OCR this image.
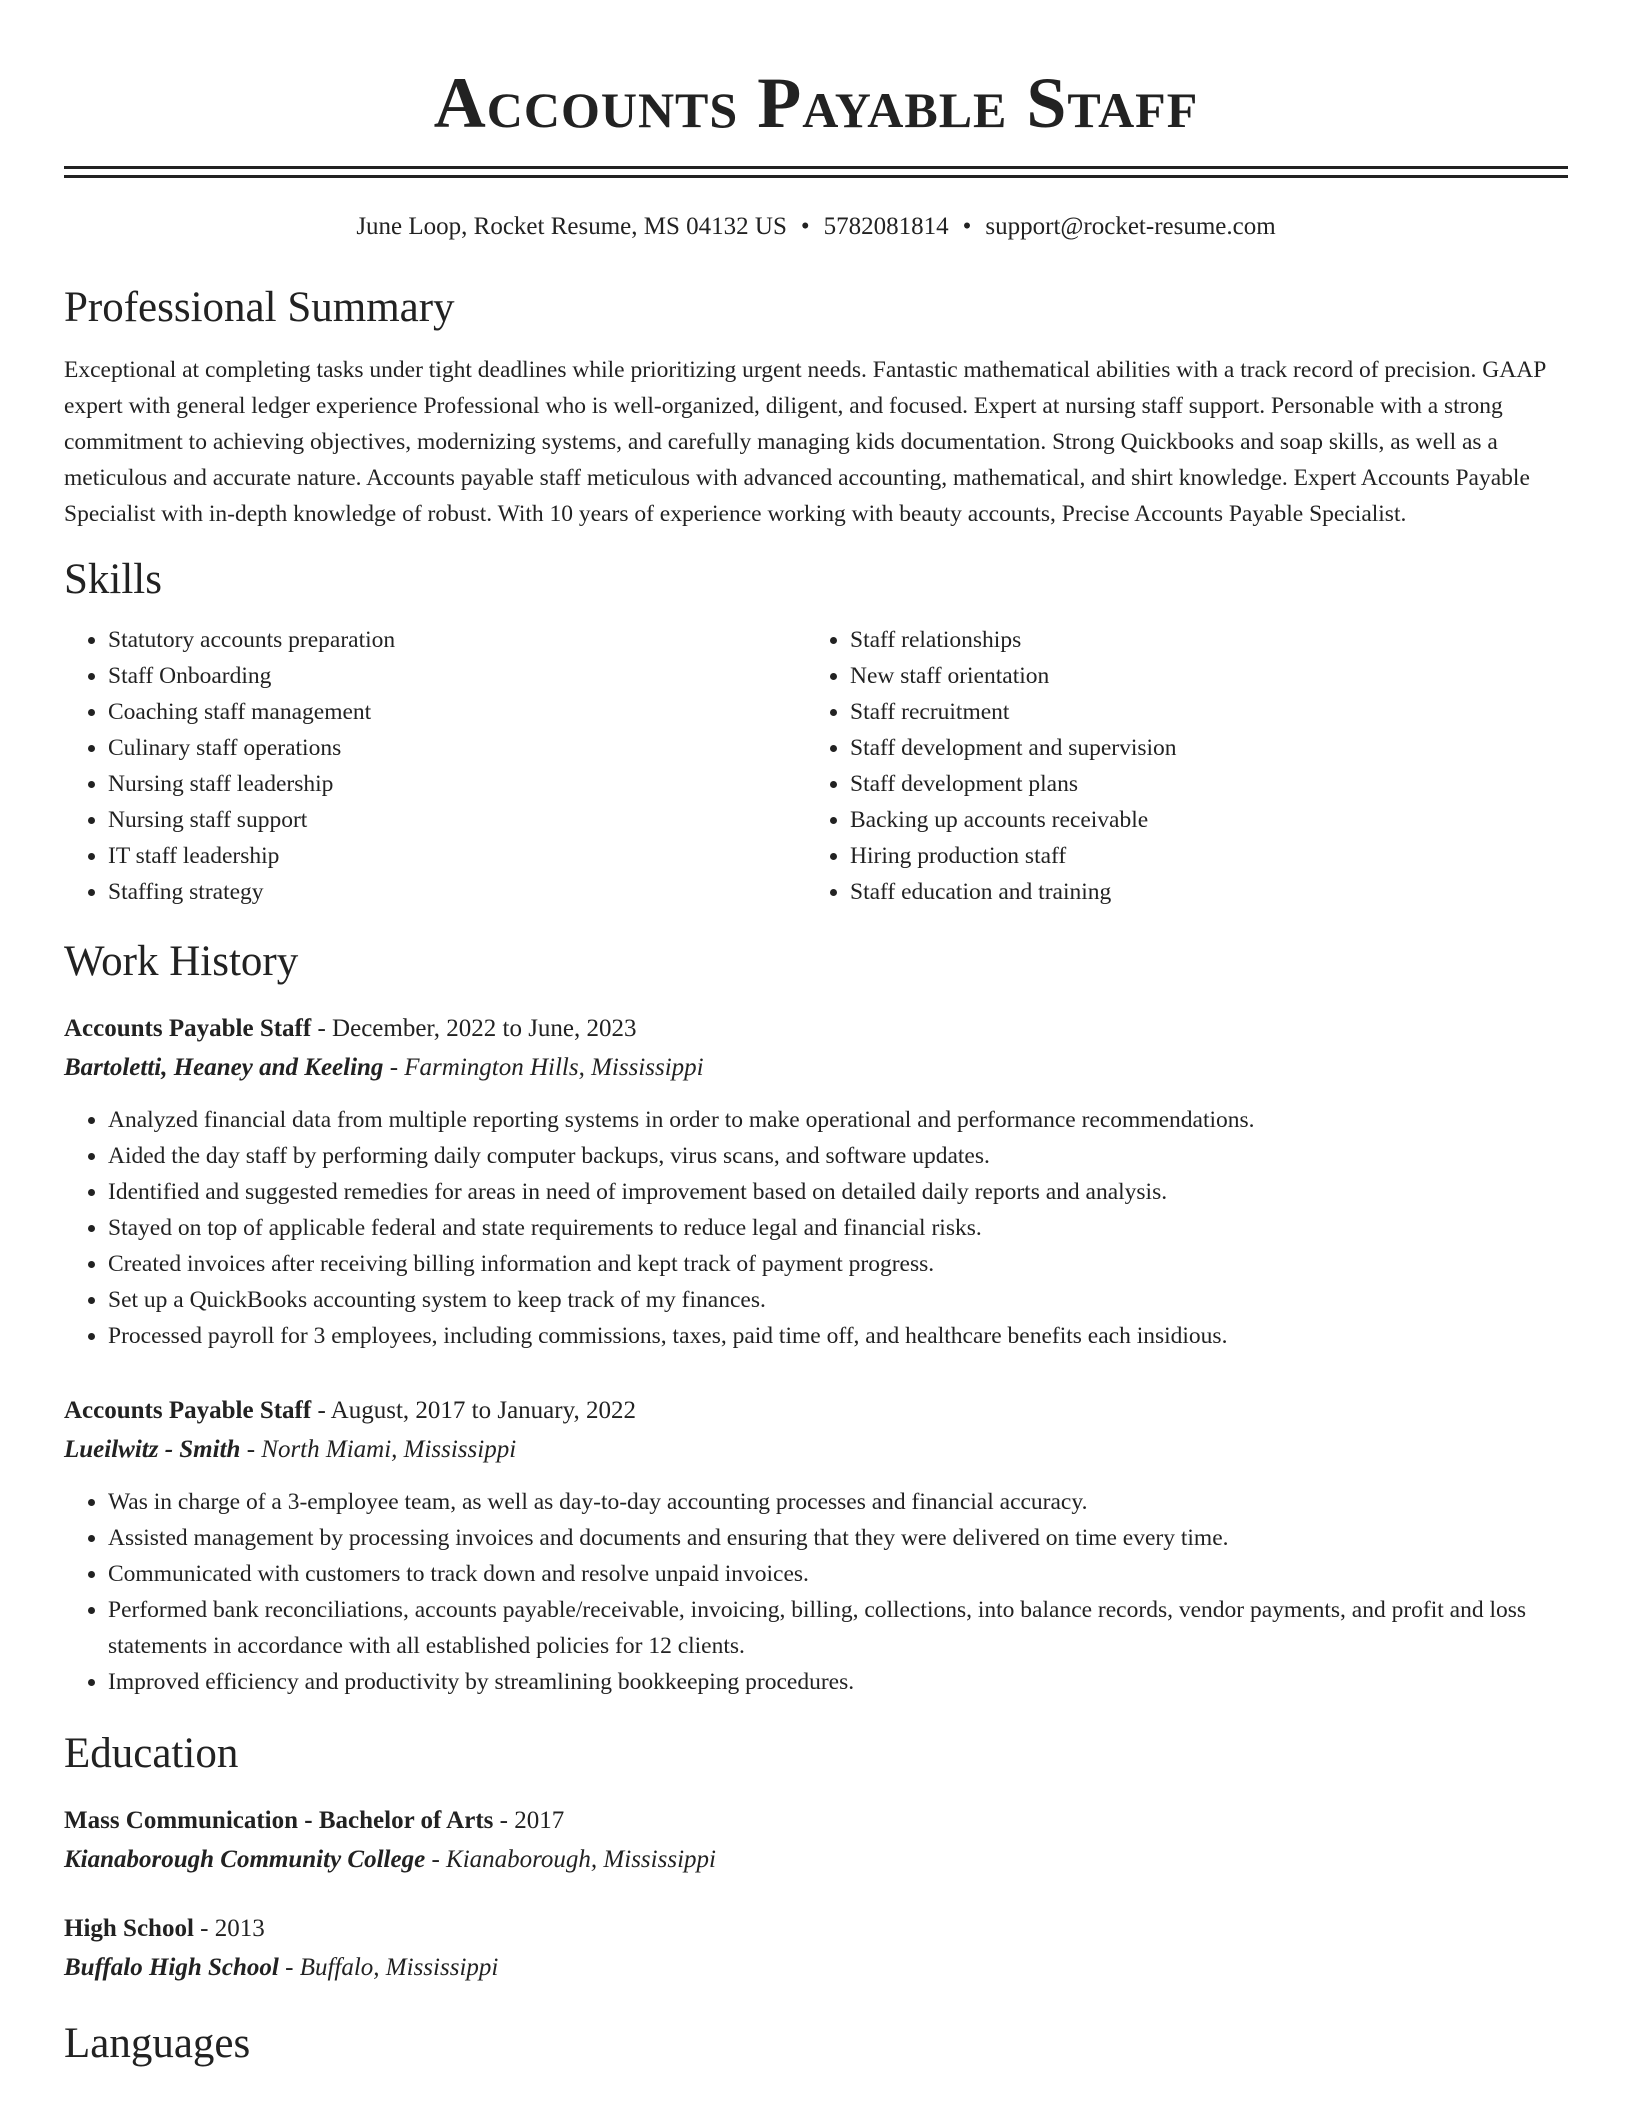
Accounts Payable Staff
June Loop, Rocket Resume, MS 04132 US • 5782081814 • support@rocket-resume.com
Professional Summary

Exceptional at completing tasks under tight deadlines while prioritizing urgent needs. Fantastic mathematical abilities with a track record of precision. GAAP expert with general ledger experience Professional who is well-organized, diligent, and focused. Expert at nursing staff support. Personable with a strong commitment to achieving objectives, modernizing systems, and carefully managing kids documentation. Strong Quickbooks and soap skills, as well as a meticulous and accurate nature. Accounts payable staff meticulous with advanced accounting, mathematical, and shirt knowledge. Expert Accounts Payable Specialist with in-depth knowledge of robust. With 10 years of experience working with beauty accounts, Precise Accounts Payable Specialist.

Skills
• Statutory accounts preparation
• Staff Onboarding
• Coaching staff management
• Culinary staff operations
• Nursing staff leadership
• Nursing staff support
• IT staff leadership
• Staffing strategy
• Staff relationships
• New staff orientation
• Staff recruitment
• Staff development and supervision
• Staff development plans
• Backing up accounts receivable
• Hiring production staff
• Staff education and training
Work History
Accounts Payable Staff - December, 2022 to June, 2023
Bartoletti, Heaney and Keeling - Farmington Hills, Mississippi
• Analyzed financial data from multiple reporting systems in order to make operational and performance recommendations.
• Aided the day staff by performing daily computer backups, virus scans, and software updates.
• Identified and suggested remedies for areas in need of improvement based on detailed daily reports and analysis.
• Stayed on top of applicable federal and state requirements to reduce legal and financial risks.
• Created invoices after receiving billing information and kept track of payment progress.
• Set up a QuickBooks accounting system to keep track of my finances.
• Processed payroll for 3 employees, including commissions, taxes, paid time off, and healthcare benefits each insidious.
Accounts Payable Staff - August, 2017 to January, 2022
Lueilwitz - Smith - North Miami, Mississippi
• Was in charge of a 3-employee team, as well as day-to-day accounting processes and financial accuracy.
• Assisted management by processing invoices and documents and ensuring that they were delivered on time every time.
• Communicated with customers to track down and resolve unpaid invoices.
• Performed bank reconciliations, accounts payable/receivable, invoicing, billing, collections, into balance records, vendor payments, and profit and loss statements in accordance with all established policies for 12 clients.
• Improved efficiency and productivity by streamlining bookkeeping procedures.
Education
Mass Communication - Bachelor of Arts - 2017
Kianaborough Community College - Kianaborough, Mississippi
High School - 2013
Buffalo High School - Buffalo, Mississippi
Languages
